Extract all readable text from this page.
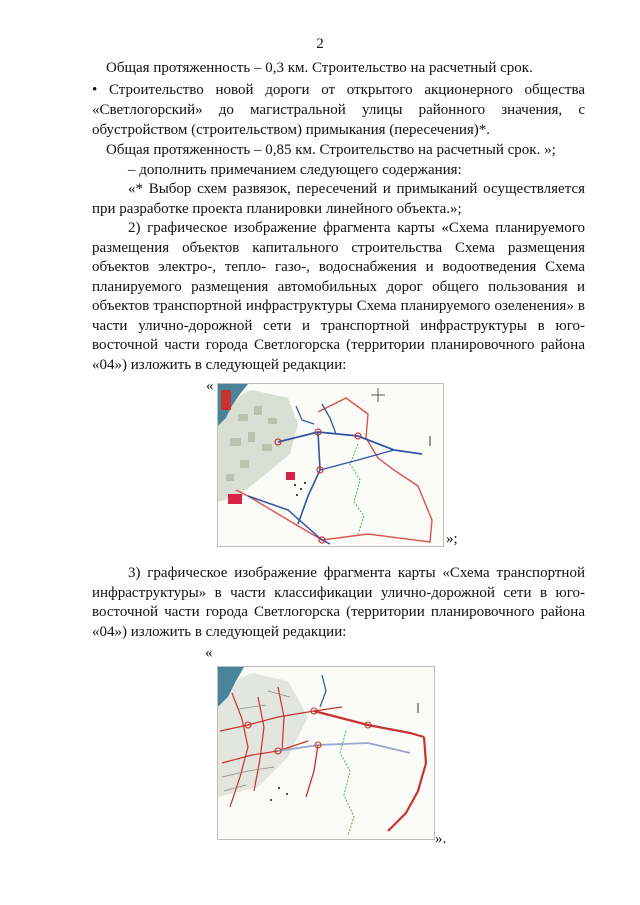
2
Общая протяженность – 0,3 км. Строительство на расчетный срок.
• Строительство новой дороги от открытого акционерного общества
«Светлогорский» до магистральной улицы районного значения, с
обустройством (строительством) примыкания (пересечения)*.
Общая протяженность – 0,85 км. Строительство на расчетный срок. »;
– дополнить примечанием следующего содержания:
«* Выбор схем развязок, пересечений и примыканий осуществляется
при разработке проекта планировки линейного объекта.»;
2) графическое изображение фрагмента карты «Схема планируемого
размещения объектов капитального строительства Схема размещения
объектов электро-, тепло- газо-, водоснабжения и водоотведения Схема
планируемого размещения автомобильных дорог общего пользования и
объектов транспортной инфраструктуры Схема планируемого озеленения» в
части улично-дорожной сети и транспортной инфраструктуры в юго-
восточной части города Светлогорска (территории планировочного района
«04») изложить в следующей редакции:
«
»;
3) графическое изображение фрагмента карты «Схема транспортной
инфраструктуры» в части классификации улично-дорожной сети в юго-
восточной части города Светлогорска (территории планировочного района
«04») изложить в следующей редакции:
«
».
